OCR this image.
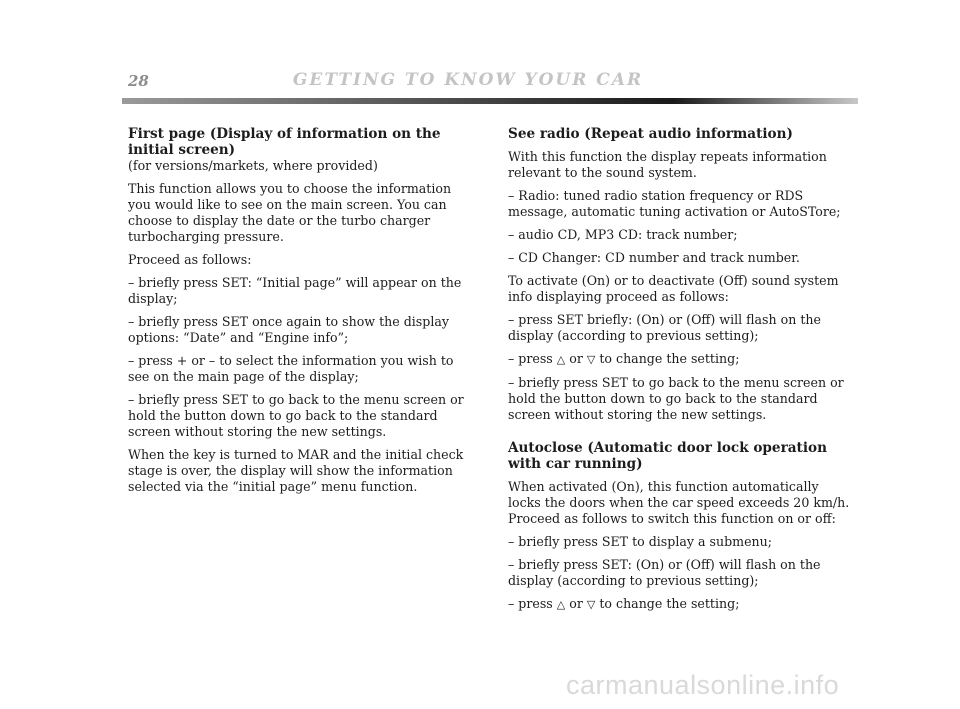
28	GETTING TO KNOW YOUR CAR
First page (Display of information on the initial screen)

(for versions/markets, where provided)

This function allows you to choose the information you would like to see on the main screen. You can choose to display the date or the turbo charger turbocharging pressure.

Proceed as follows:

– briefly press SET: “Initial page” will appear on the display;

– briefly press SET once again to show the display options: “Date” and “Engine info”;

– press + or – to select the information you wish to see on the main page of the display;

– briefly press SET to go back to the menu screen or hold the button down to go back to the standard screen without storing the new settings.

When the key is turned to MAR and the initial check stage is over, the display will show the information selected via the “initial page” menu function.

See radio (Repeat audio information)

With this function the display repeats information relevant to the sound system.

– Radio: tuned radio station frequency or RDS message, automatic tuning activation or AutoSTore;

– audio CD, MP3 CD: track number;

– CD Changer: CD number and track number.

To activate (On) or to deactivate (Off) sound system info displaying proceed as follows:

– press SET briefly: (On) or (Off) will flash on the display (according to previous setting);

– press △ or ▽ to change the setting;

– briefly press SET to go back to the menu screen or hold the button down to go back to the standard screen without storing the new settings.

Autoclose (Automatic door lock operation with car running)
When activated (On), this function automatically locks the doors when the car speed exceeds 20 km/h.

Proceed as follows to switch this function on or off:

– briefly press SET to display a submenu;

– briefly press SET: (On) or (Off) will flash on the display (according to previous setting);

– press △ or ▽ to change the setting;

carmanualsonline.info
